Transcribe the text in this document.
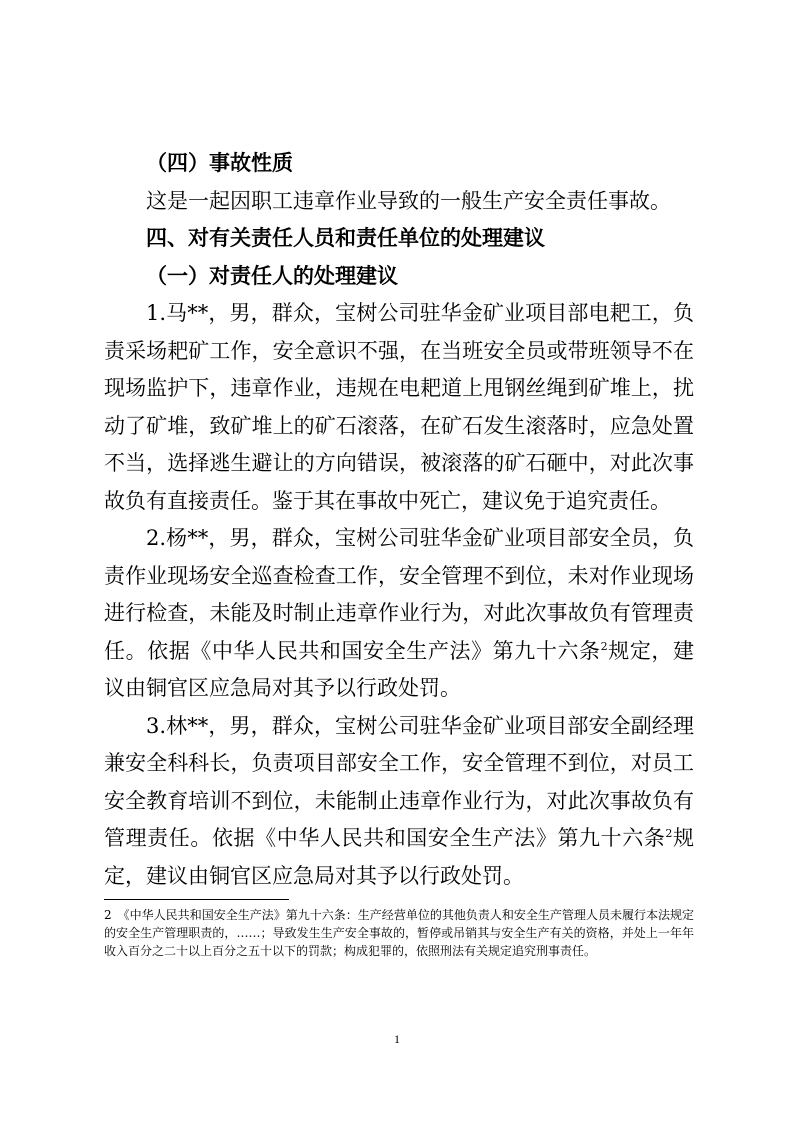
（四）事故性质

这是一起因职工违章作业导致的一般生产安全责任事故。

四、对有关责任人员和责任单位的处理建议

（一）对责任人的处理建议

1.马**，男，群众，宝树公司驻华金矿业项目部电耙工，负责采场耙矿工作，安全意识不强，在当班安全员或带班领导不在现场监护下，违章作业，违规在电耙道上甩钢丝绳到矿堆上，扰动了矿堆，致矿堆上的矿石滚落，在矿石发生滚落时，应急处置不当，选择逃生避让的方向错误，被滚落的矿石砸中，对此次事故负有直接责任。鉴于其在事故中死亡，建议免于追究责任。

2.杨**，男，群众，宝树公司驻华金矿业项目部安全员，负责作业现场安全巡查检查工作，安全管理不到位，未对作业现场进行检查，未能及时制止违章作业行为，对此次事故负有管理责任。依据《中华人民共和国安全生产法》第九十六条$^2$规定，建议由铜官区应急局对其予以行政处罚。

3.林**，男，群众，宝树公司驻华金矿业项目部安全副经理兼安全科科长，负责项目部安全工作，安全管理不到位，对员工安全教育培训不到位，未能制止违章作业行为，对此次事故负有管理责任。依据《中华人民共和国安全生产法》第九十六条$^2$规定，建议由铜官区应急局对其予以行政处罚。

2 《中华人民共和国安全生产法》第九十六条：生产经营单位的其他负责人和安全生产管理人员未履行本法规定的安全生产管理职责的，……；导致发生生产安全事故的，暂停或吊销其与安全生产有关的资格，并处上一年年收入百分之二十以上百分之五十以下的罚款；构成犯罪的，依照刑法有关规定追究刑事责任。
1
